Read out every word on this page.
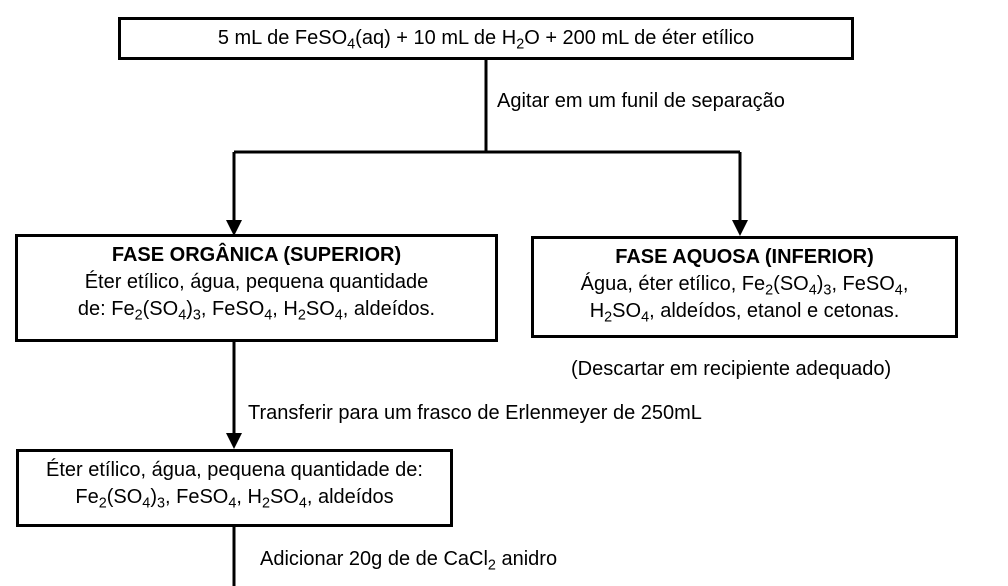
5 mL de FeSO$_4$(aq) + 10 mL de $H_2O + 200$ mL de éter etílico
Agitar em um funil de separação
FASE ORGÂNICA (SUPERIOR)
Éter etílico, água, pequena quantidade
de: $Fe_2(SO_4)_3$, FeSO$_4$, $H_2SO_4$, aldeídos.
FASE AQUOSA (INFERIOR)
Água, éter etílico, $Fe_2(SO_4)_3$, FeSO$_4$,
$H_2SO_4$, aldeídos, etanol e cetonas.
(Descartar em recipiente adequado)
Transferir para um frasco de Erlenmeyer de 250mL
Éter etílico, água, pequena quantidade de:
$Fe_2(SO_4)_3$, FeSO$_4$, $H_2SO_4$, aldeídos
Adicionar 20g de de CaCl$_2$ anidro
